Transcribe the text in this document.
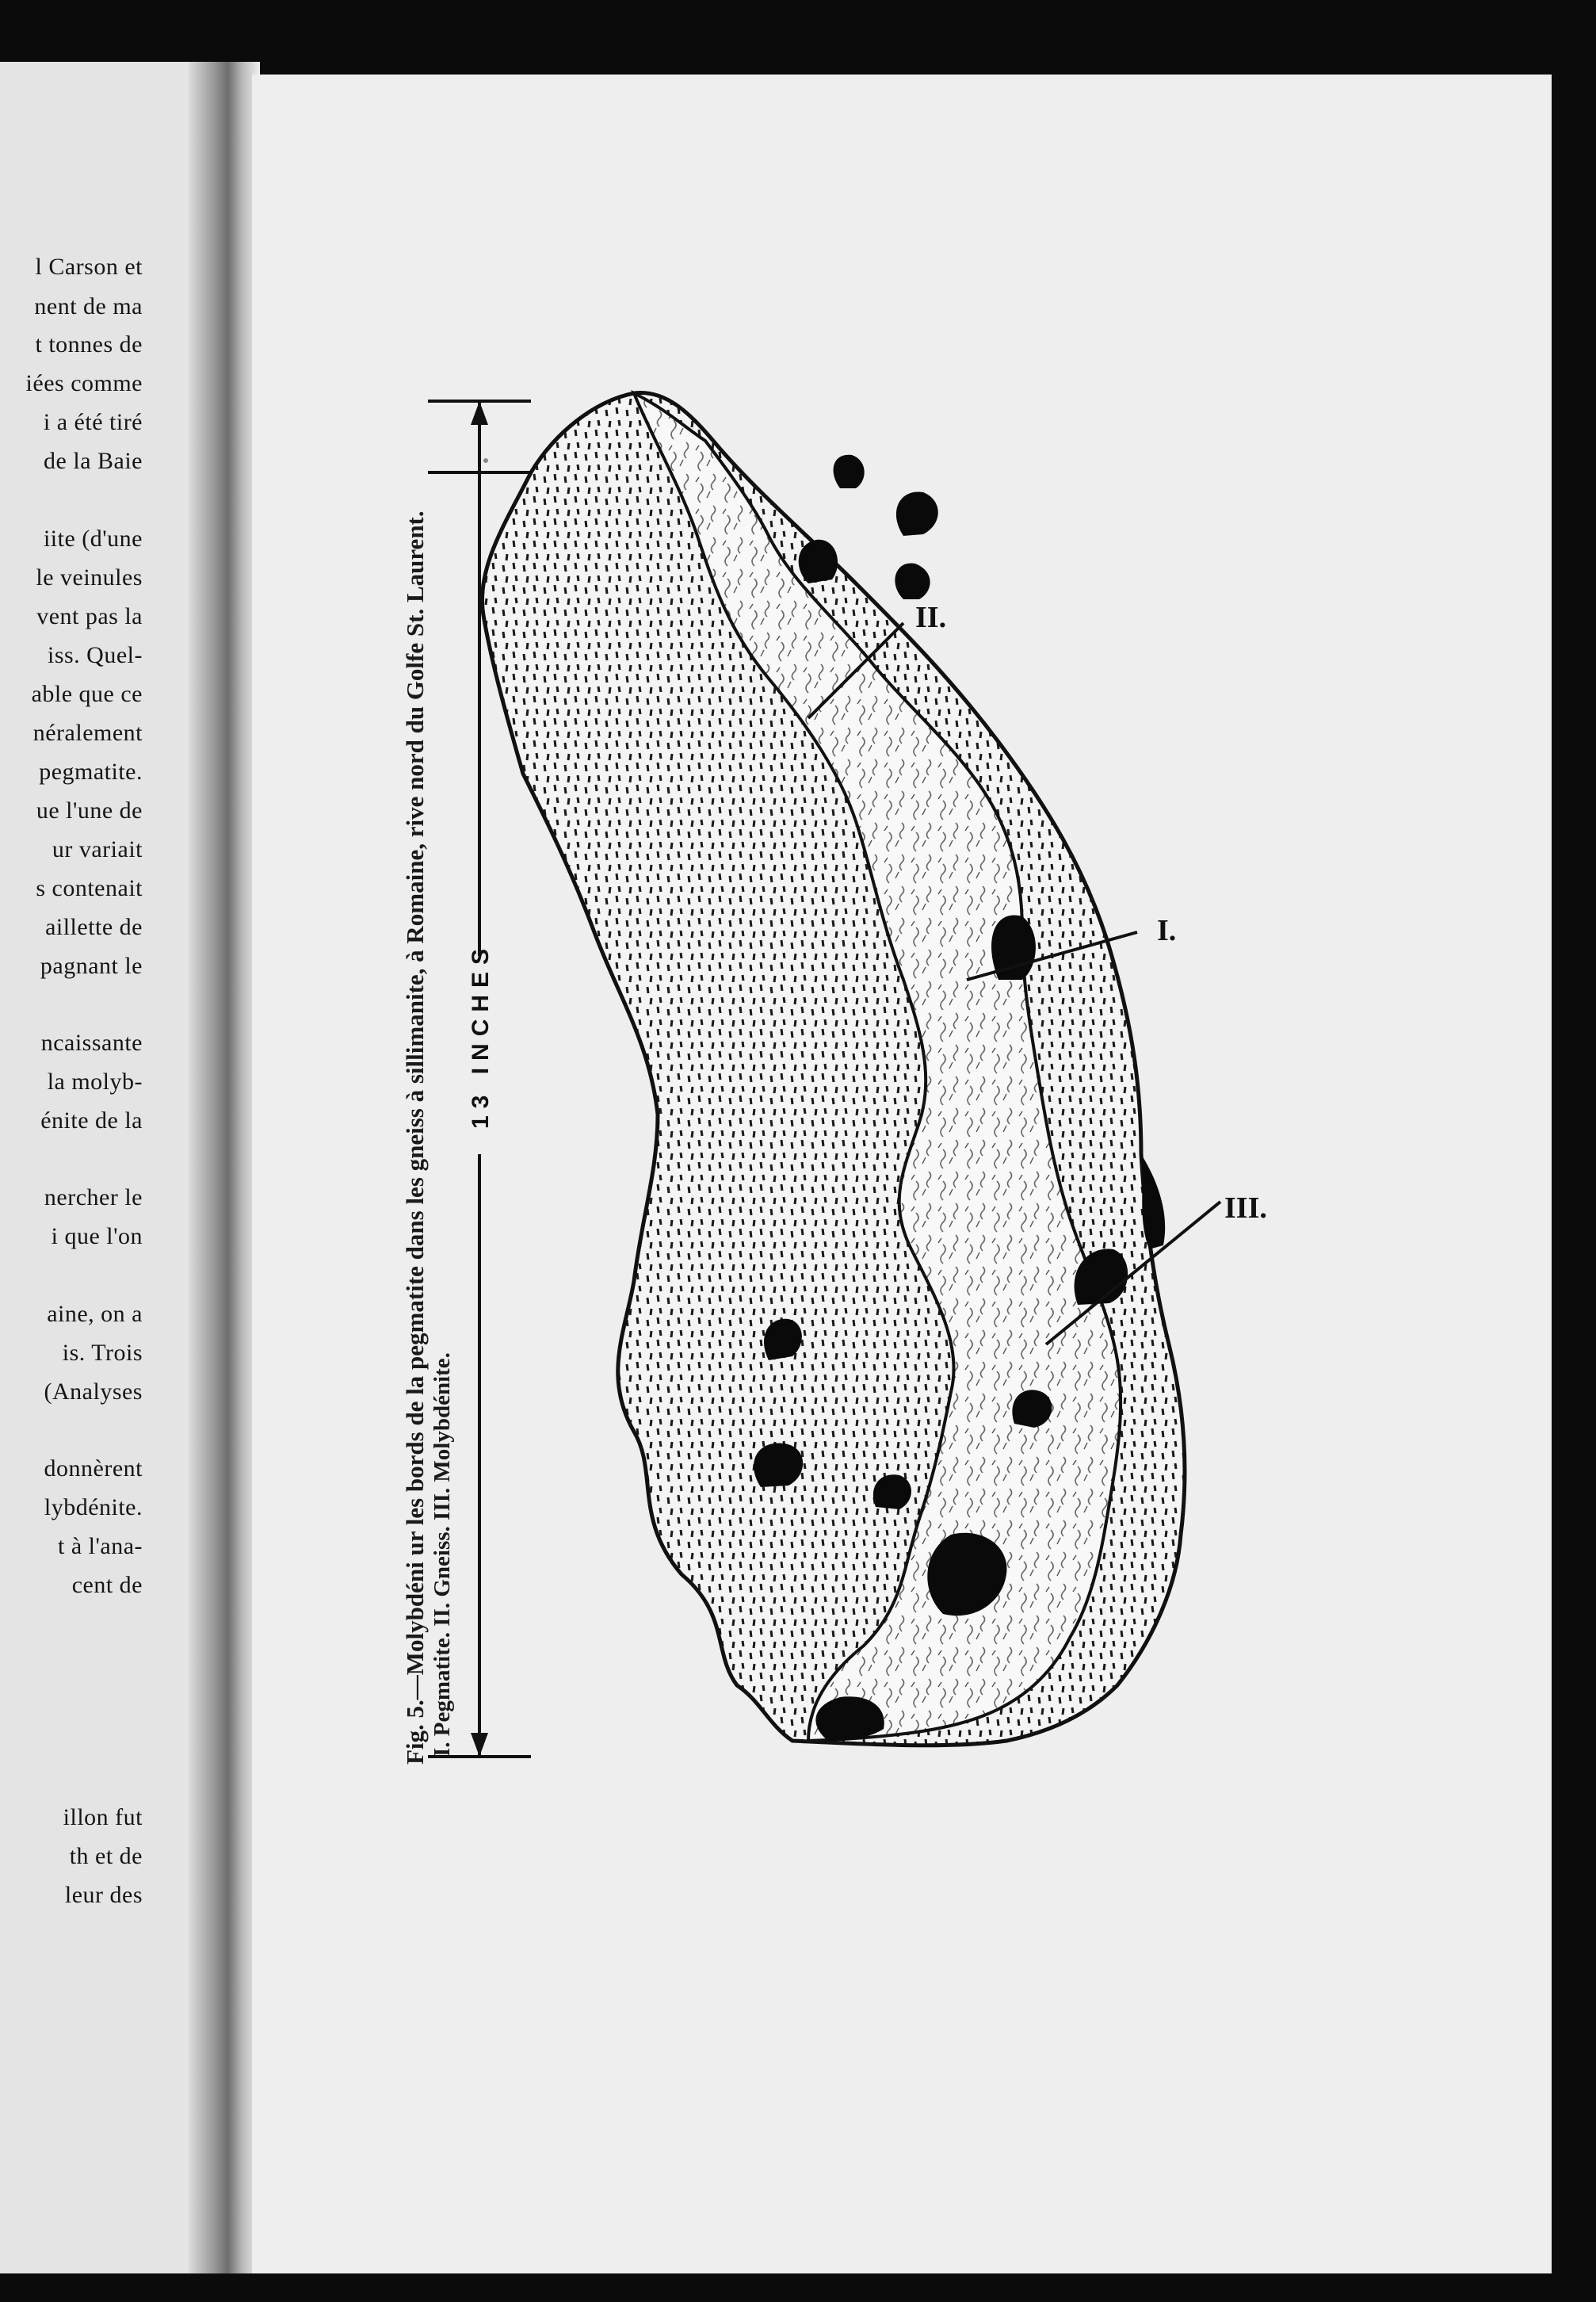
l Carson et
nent de ma
t tonnes de
iées comme
i a été tiré
de la Baie
iite (d'une
le veinules
vent pas la
iss. Quel-
able que ce
néralement
pegmatite.
ue l'une de
ur variait
s contenait
aillette de
pagnant le
ncaissante
la molyb-
énite de la
nercher le
i que l'on
aine, on a
is. Trois
(Analyses
donnèrent
lybdénite.
t à l'ana-
cent de
illon fut
th et de
leur des
III.
I.
II.
13 INCHES
Fig. 5.—Molybdéni ur les bords de la pegmatite dans les gneiss à sillimanite, à Romaine, rive nord du Golfe St. Laurent. I. Pegmatite. II. Gneiss. III. Molybdénite.
